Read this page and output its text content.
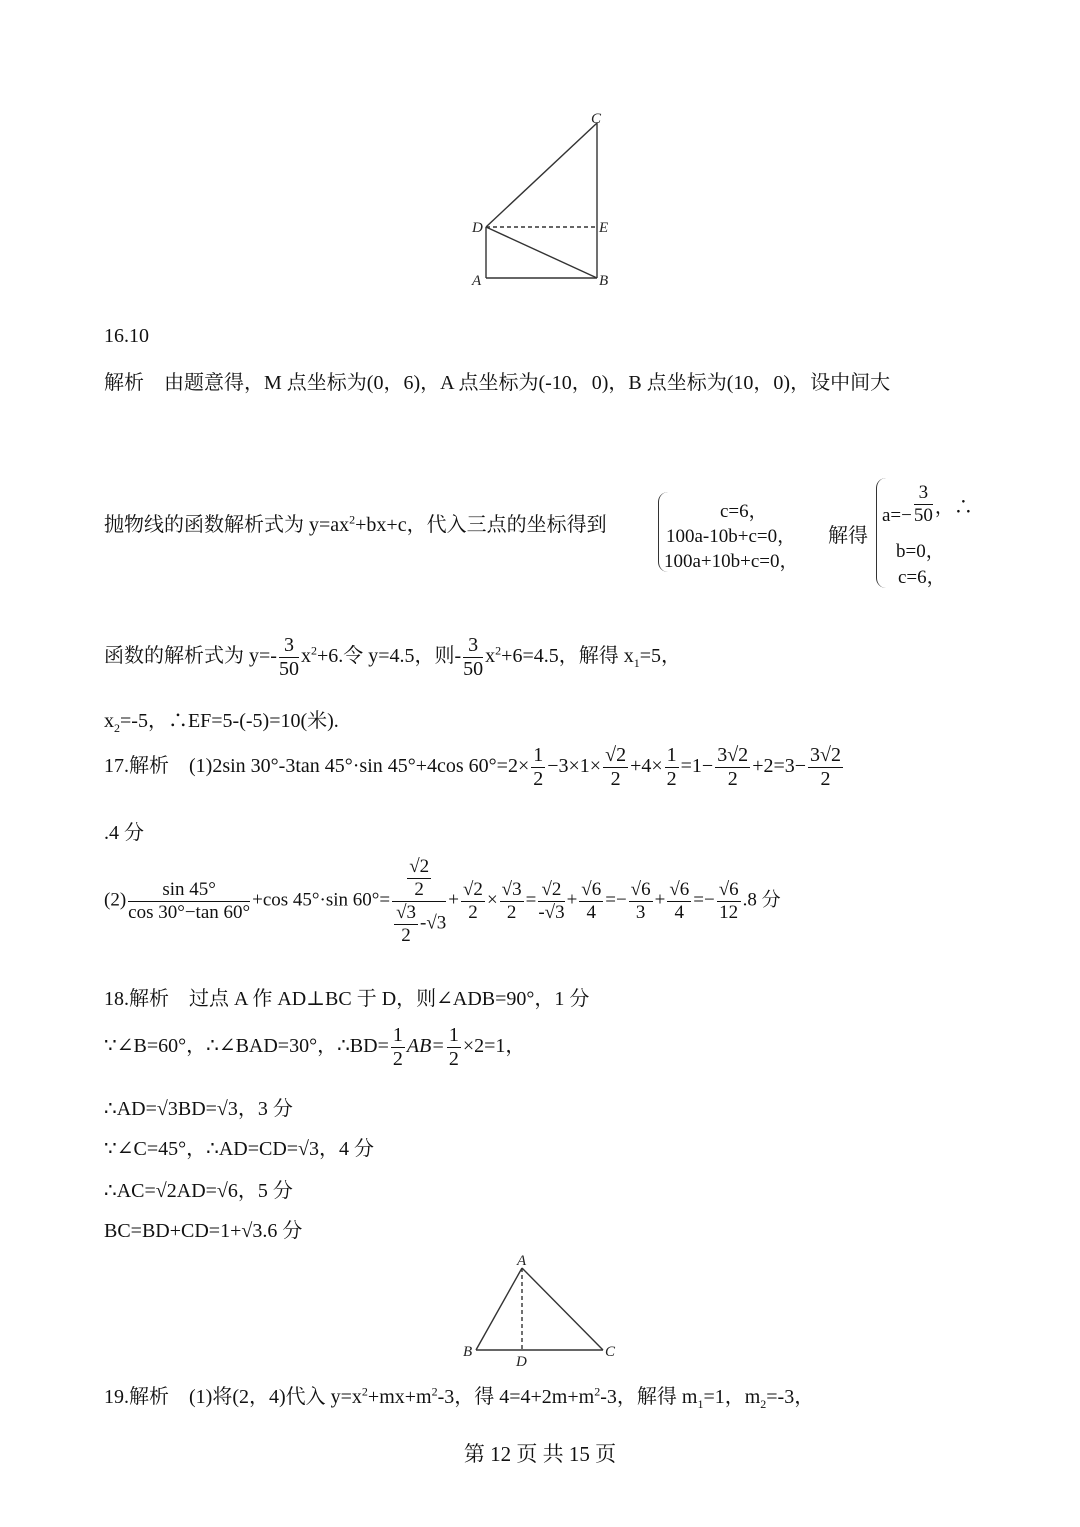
C
D	E
A	B
16.10
解析　由题意得，M 点坐标为(0，6)，A 点坐标为(-10，0)，B 点坐标为(10，0)，设中间大
抛物线的函数解析式为 $y=ax^2+bx+c$，代入三点的坐标得到
c=6，
100a-10b+c=0，
100a+10b+c=0，
解得
$a=- \frac{3}{50}$ ，∴
b=0，
c=6，
函数的解析式为 $y=- \frac{3}{50} x^2+6$.令 y=4.5，则- $\frac{3}{50} x^2+6=4.5$，解得 $x_1=5$，
$x_2=-5$，∴EF=5-(-5)=10(米).
17.解析　(1)2sin 30°-3tan 45°·sin 45°+4cos $60^\circ=2\times \frac{1}{2} -3\times 1\times \frac{√2}{2} +4\times \frac{1}{2} =1- \frac{3√2}{2} +2=3- \frac{3√2}{2}$
.4 分
$(2) \frac{\sin 45^\circ}{\cos 30^\circ-\tan 60^\circ} +\cos$ 45°·sin $60^\circ= \frac{\frac{√2}{2}}{\frac{√3}{2} -√3} + \frac{√2}{2} \times \frac{√3}{2} = \frac{√2}{-√3} + \frac{√6}{4} =- \frac{√6}{3} + \frac{√6}{4} =- \frac{√6}{12} .8$ 分
18.解析　过点 A 作 AD⊥BC 于 D，则∠ADB=90°，1 分
∵∠B=60°，∴∠BAD=30°，∴BD= $\frac{1}{2} AB= \frac{1}{2} \times 2=1$，
∴AD=√3BD=√3，3 分
∵∠C=45°，∴AD=CD=√3，4 分
∴AC=√2AD=√6，5 分
BC=BD+CD=1+√3.6 分
A
B	C
D
19.解析　(1)将(2，4)代入 $y=x^2+mx+m^2-3$，得 $4=4+2m+m^2-3$，解得 $m_1=1$，$m_2=-3$，
第 12 页 共 15 页
